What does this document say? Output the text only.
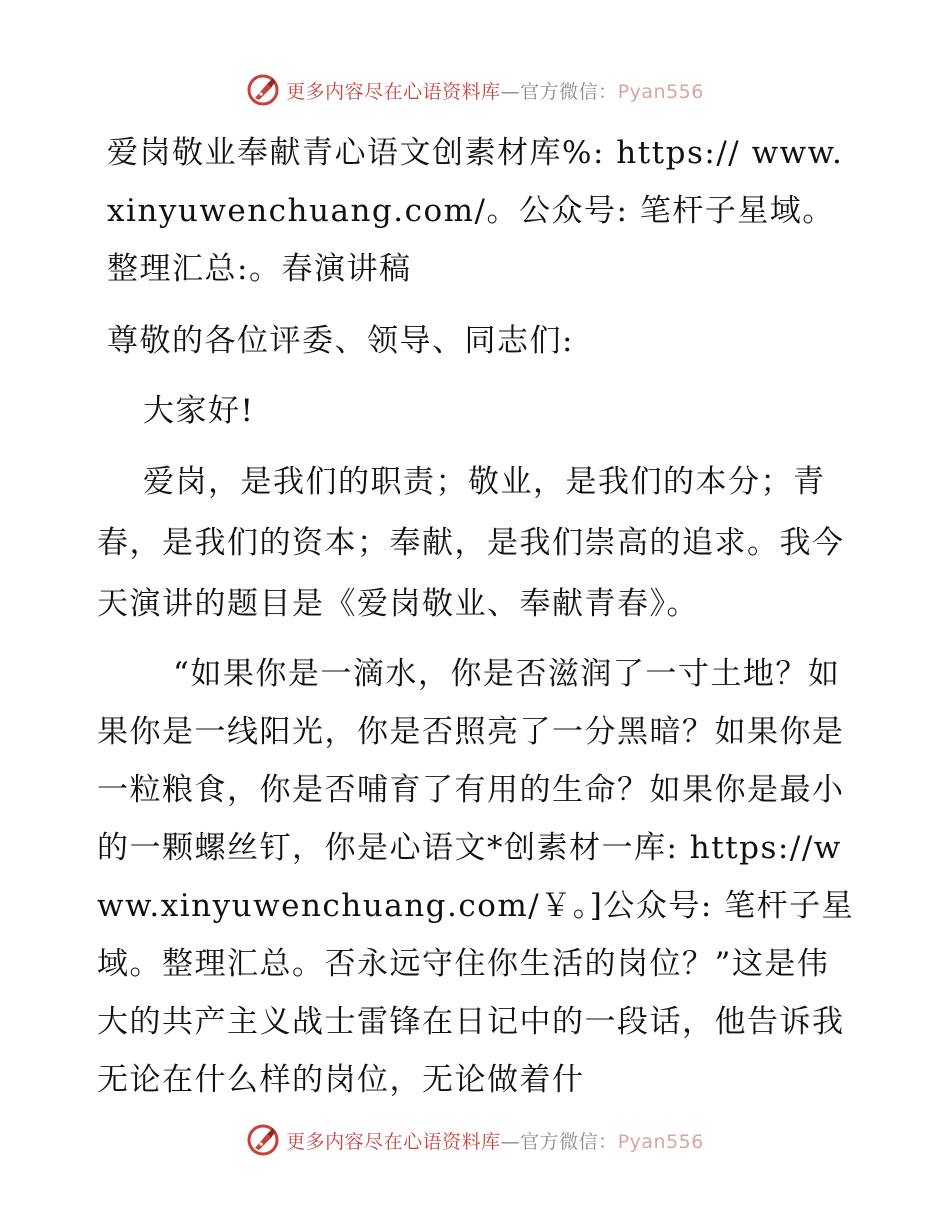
更多内容尽在心语资料库—官方微信：Pyan556

爱岗敬业奉献青心语文创素材库%: https:// www.xinyuwenchuang.com/。公众号: 笔杆子星域。整理汇总:。春演讲稿

尊敬的各位评委、领导、同志们:

大家好!

爱岗，是我们的职责；敬业，是我们的本分；青春，是我们的资本；奉献，是我们崇高的追求。我今天演讲的题目是《爱岗敬业、奉献青春》。

“如果你是一滴水，你是否滋润了一寸土地？如果你是一线阳光，你是否照亮了一分黑暗？如果你是一粒粮食，你是否哺育了有用的生命？如果你是最小的一颗螺丝钉，你是心语文*创素材一库: https://www.xinyuwenchuang.com/￥。]公众号: 笔杆子星域。整理汇总。否永远守住你生活的岗位？”这是伟大的共产主义战士雷锋在日记中的一段话，他告诉我无论在什么样的岗位，无论做着什

更多内容尽在心语资料库—官方微信：Pyan556
